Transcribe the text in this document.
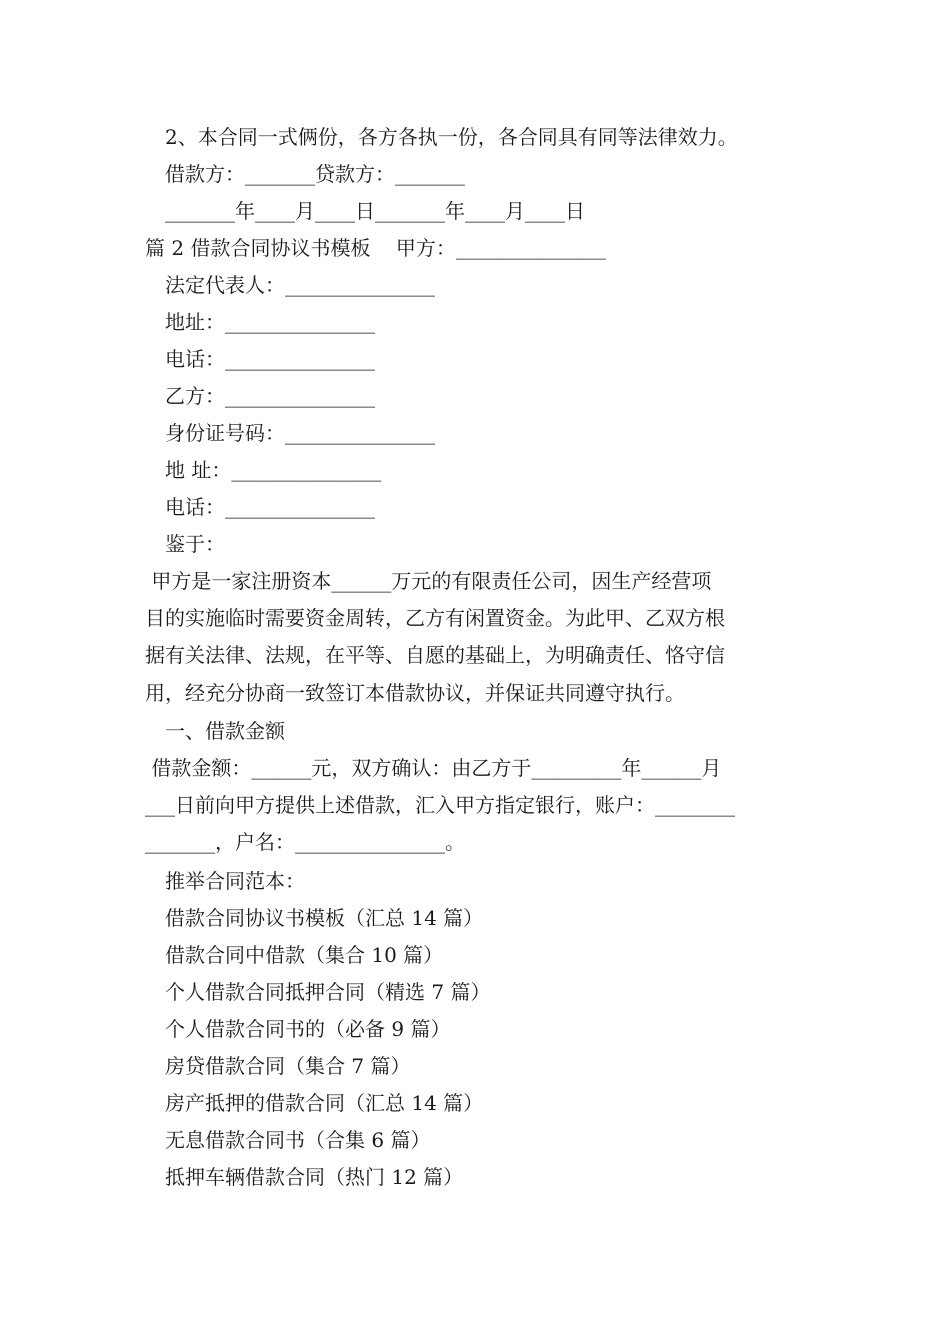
2、本合同一式俩份，各方各执一份，各合同具有同等法律效力。
借款方：_______贷款方：_______
_______年____月____日_______年____月____日
篇 2 借款合同协议书模板    甲方：_______________
法定代表人：_______________
地址：_______________
电话：_______________
乙方：_______________
身份证号码：_______________
地 址：_______________
电话：_______________
鉴于：
甲方是一家注册资本______万元的有限责任公司，因生产经营项
目的实施临时需要资金周转，乙方有闲置资金。为此甲、乙双方根
据有关法律、法规，在平等、自愿的基础上，为明确责任、恪守信
用，经充分协商一致签订本借款协议，并保证共同遵守执行。
一、借款金额
借款金额：______元，双方确认：由乙方于_________年______月
___日前向甲方提供上述借款，汇入甲方指定银行，账户：________
_______，户名：_______________。
推举合同范本：
借款合同协议书模板（汇总 14 篇）
借款合同中借款（集合 10 篇）
个人借款合同抵押合同（精选 7 篇）
个人借款合同书的（必备 9 篇）
房贷借款合同（集合 7 篇）
房产抵押的借款合同（汇总 14 篇）
无息借款合同书（合集 6 篇）
抵押车辆借款合同（热门 12 篇）
